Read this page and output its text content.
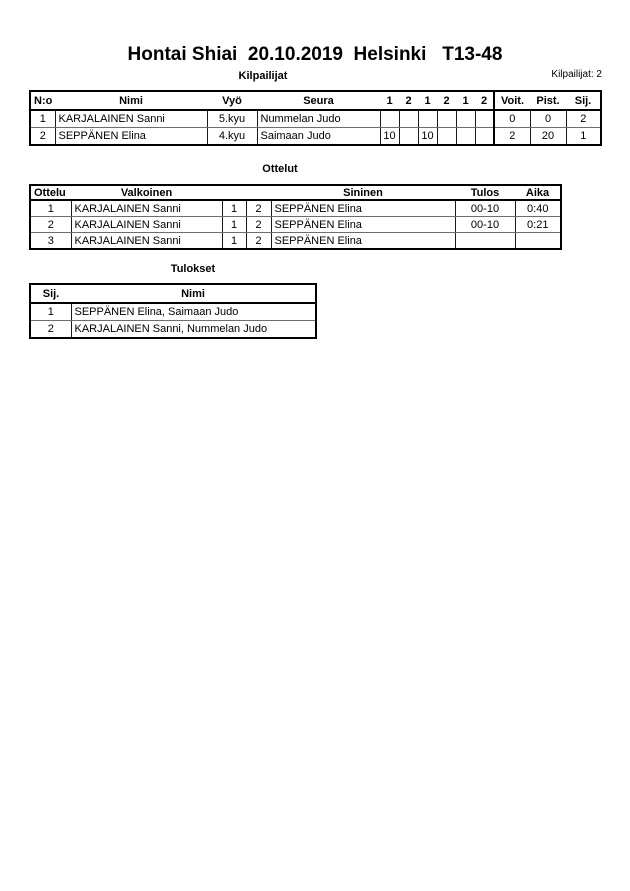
Hontai Shiai  20.10.2019  Helsinki   T13-48
Kilpailijat	Kilpailijat: 2
N:o	Nimi	Vyö	Seura	1	2	1	2	1	2	Voit.	Pist.	Sij.
1	KARJALAINEN Sanni	5.kyu	Nummelan Judo							0	0	2
2	SEPPÄNEN Elina	4.kyu	Saimaan Judo	10		10				2	20	1
Ottelut
Ottelu	Valkoinen			Sininen	Tulos	Aika
1	KARJALAINEN Sanni	1	2	SEPPÄNEN Elina	00-10	0:40
2	KARJALAINEN Sanni	1	2	SEPPÄNEN Elina	00-10	0:21
3	KARJALAINEN Sanni	1	2	SEPPÄNEN Elina		
Tulokset
Sij.	Nimi
1	SEPPÄNEN Elina, Saimaan Judo
2	KARJALAINEN Sanni, Nummelan Judo
